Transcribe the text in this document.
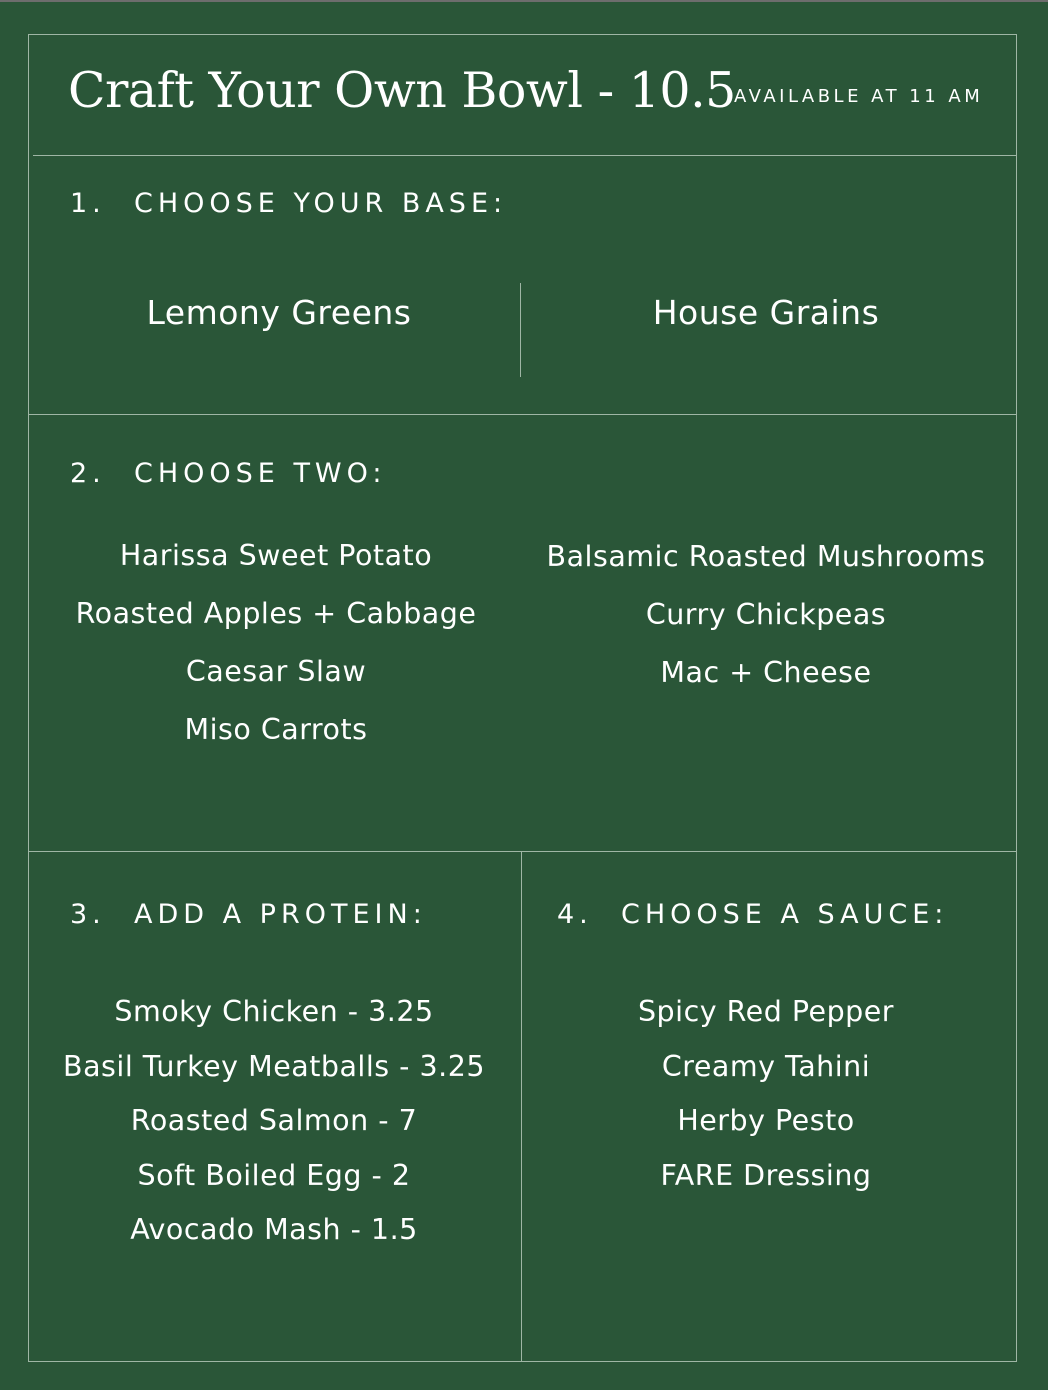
Craft Your Own Bowl - 10.5
AVAILABLE AT 11 AM
1. CHOOSE YOUR BASE:
Lemony Greens	House Grains
2. CHOOSE TWO:
Harissa Sweet Potato
Roasted Apples + Cabbage
Caesar Slaw
Miso Carrots
Balsamic Roasted Mushrooms
Curry Chickpeas
Mac + Cheese
3. ADD A PROTEIN:
Smoky Chicken - 3.25
Basil Turkey Meatballs - 3.25
Roasted Salmon - 7
Soft Boiled Egg - 2
Avocado Mash - 1.5
4. CHOOSE A SAUCE:
Spicy Red Pepper
Creamy Tahini
Herby Pesto
FARE Dressing
